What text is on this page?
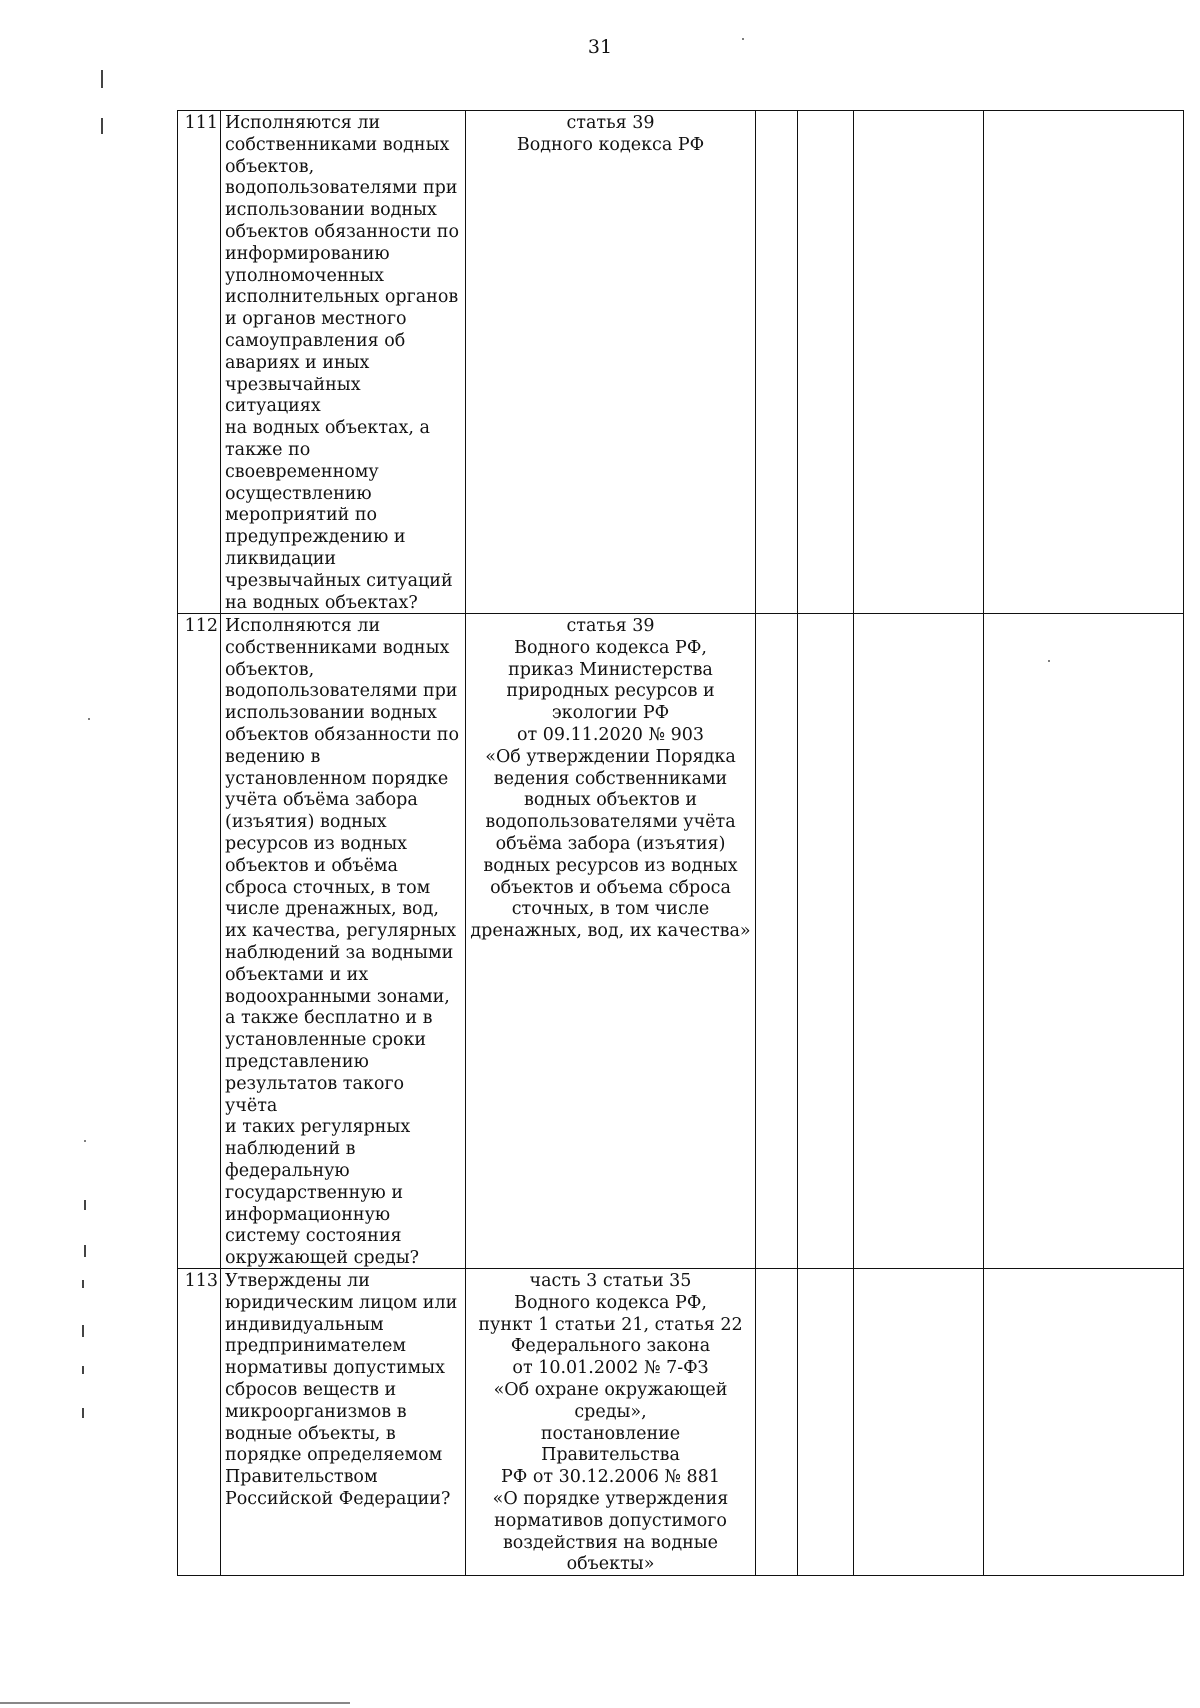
31
111 Исполняются ли
собственниками водных
объектов,
водопользователями при
использовании водных
объектов обязанности по
информированию
уполномоченных
исполнительных органов
и органов местного
самоуправления об
авариях и иных
чрезвычайных ситуациях
на водных объектах, а
также по
своевременному
осуществлению
мероприятий по
предупреждению и
ликвидации
чрезвычайных ситуаций
на водных объектах?
статья 39
Водного кодекса РФ
112 Исполняются ли
собственниками водных
объектов,
водопользователями при
использовании водных
объектов обязанности по
ведению в
установленном порядке
учёта объёма забора
(изъятия) водных
ресурсов из водных
объектов и объёма
сброса сточных, в том
числе дренажных, вод,
их качества, регулярных
наблюдений за водными
объектами и их
водоохранными зонами,
а также бесплатно и в
установленные сроки
представлению
результатов такого учёта
и таких регулярных
наблюдений в
федеральную
государственную и
информационную
систему состояния
окружающей среды?
статья 39
Водного кодекса РФ,
приказ Министерства
природных ресурсов и
экологии РФ
от 09.11.2020 № 903
«Об утверждении Порядка
ведения собственниками
водных объектов и
водопользователями учёта
объёма забора (изъятия)
водных ресурсов из водных
объектов и объема сброса
сточных, в том числе
дренажных, вод, их качества»
113 Утверждены ли
юридическим лицом или
индивидуальным
предпринимателем
нормативы допустимых
сбросов веществ и
микроорганизмов в
водные объекты, в
порядке определяемом
Правительством
Российской Федерации?
часть 3 статьи 35
Водного кодекса РФ,
пункт 1 статьи 21, статья 22
Федерального закона
от 10.01.2002 № 7-ФЗ
«Об охране окружающей
среды»,
постановление Правительства
РФ от 30.12.2006 № 881
«О порядке утверждения
нормативов допустимого
воздействия на водные
объекты»
